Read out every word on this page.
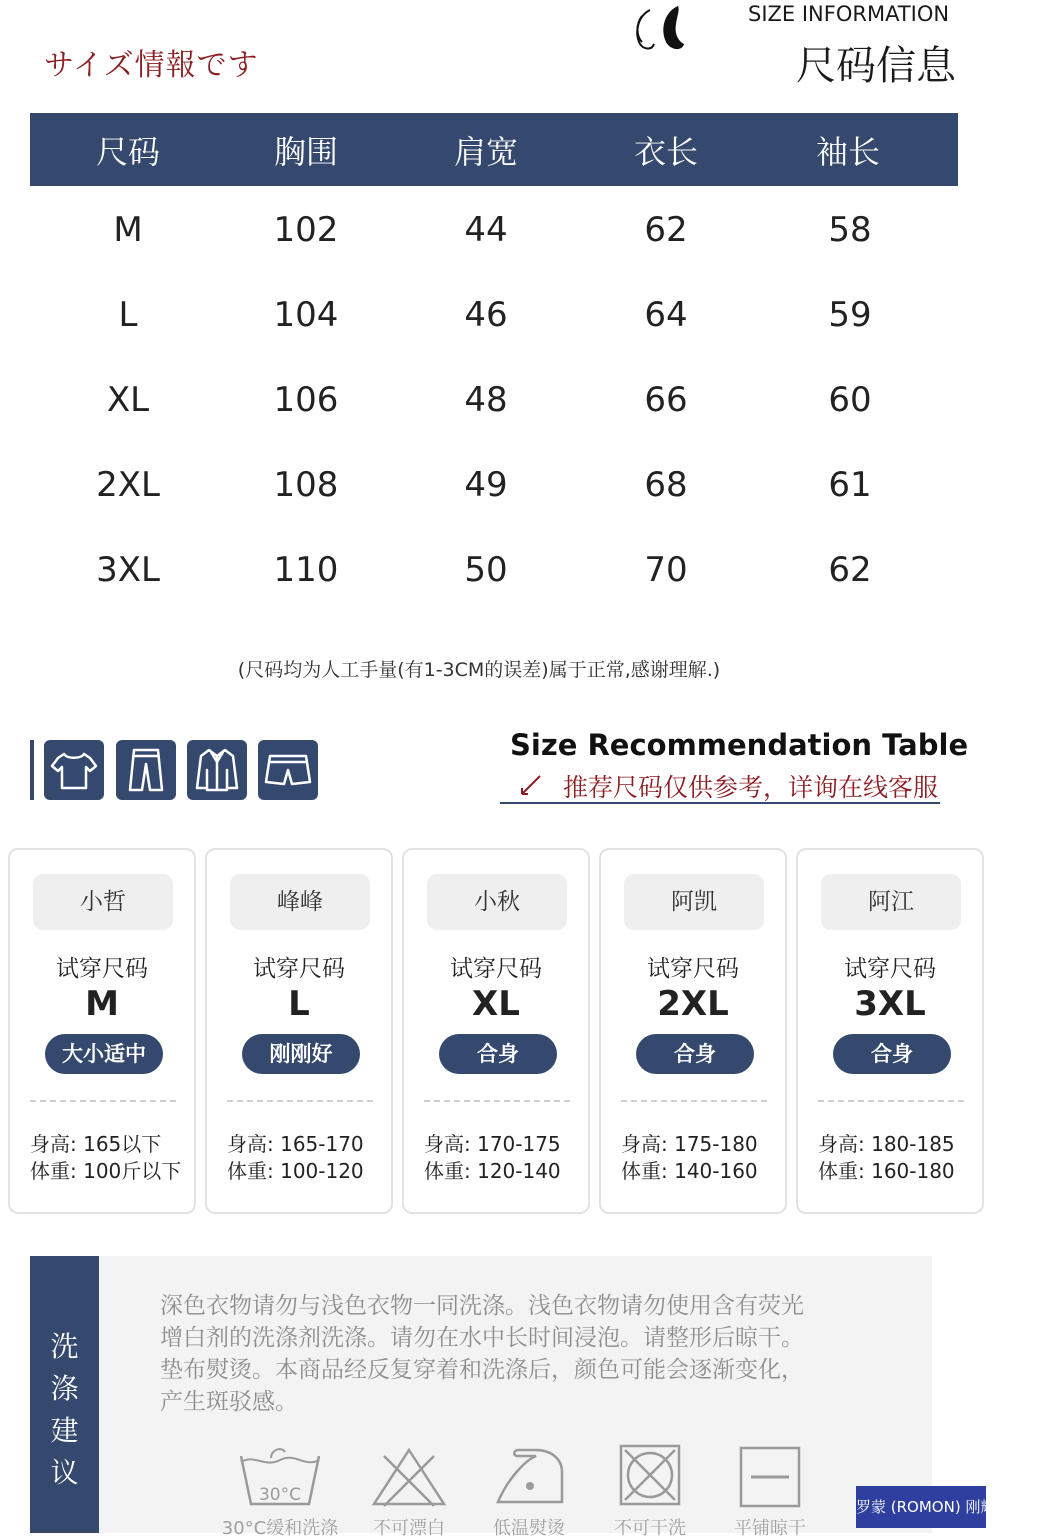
サイズ情報です
SIZE INFORMATION
尺码信息
尺码	胸围	肩宽	衣长	袖长
M	102	44	62	58
L	104	46	64	59
XL	106	48	66	60
2XL	108	49	68	61
3XL	110	50	70	62
(尺码均为人工手量(有1-3CM的误差)属于正常,感谢理解.)
Size Recommendation Table
推荐尺码仅供参考，详询在线客服
小哲
试穿尺码
M
大小适中
身高: 165以下
体重: 100斤以下
峰峰
试穿尺码
L
刚刚好
身高: 165-170
体重: 100-120
小秋
试穿尺码
XL
合身
身高: 170-175
体重: 120-140
阿凯
试穿尺码
2XL
合身
身高: 175-180
体重: 140-160
阿江
试穿尺码
3XL
合身
身高: 180-185
体重: 160-180
洗
涤
建
议
深色衣物请勿与浅色衣物一同洗涤。浅色衣物请勿使用含有荧光
增白剂的洗涤剂洗涤。请勿在水中长时间浸泡。请整形后晾干。
垫布熨烫。本商品经反复穿着和洗涤后，颜色可能会逐渐变化，
产生斑驳感。
30°C
30°C缓和洗涤	不可漂白	低温熨烫	不可干洗	平铺晾干
罗蒙 (ROMON) 刚辉专卖店
